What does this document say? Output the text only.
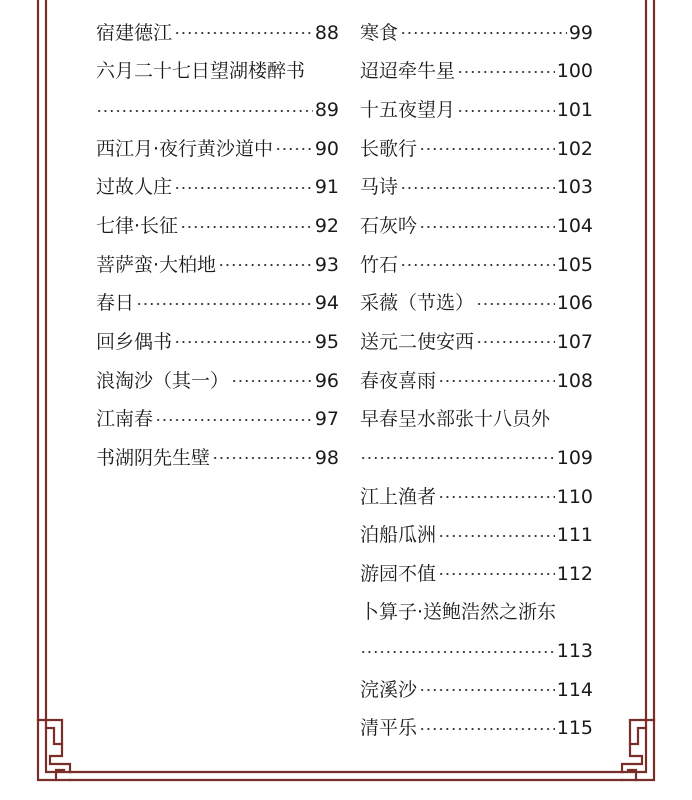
宿建德江	88
六月二十七日望湖楼醉书
89
西江月·夜行黄沙道中 90
过故人庄	91
七律·长征	92
菩萨蛮·大柏地	93
春日	94
回乡偶书	95
浪淘沙（其一）	96
江南春	97
书湖阴先生壁	98
寒食	99
迢迢牵牛星	100
十五夜望月	101
长歌行	102
马诗	103
石灰吟	104
竹石	105
采薇（节选）	106
送元二使安西	107
春夜喜雨	108
早春呈水部张十八员外
109
江上渔者	110
泊船瓜洲	111
游园不值	112
卜算子·送鲍浩然之浙东
113
浣溪沙	114
清平乐	115
